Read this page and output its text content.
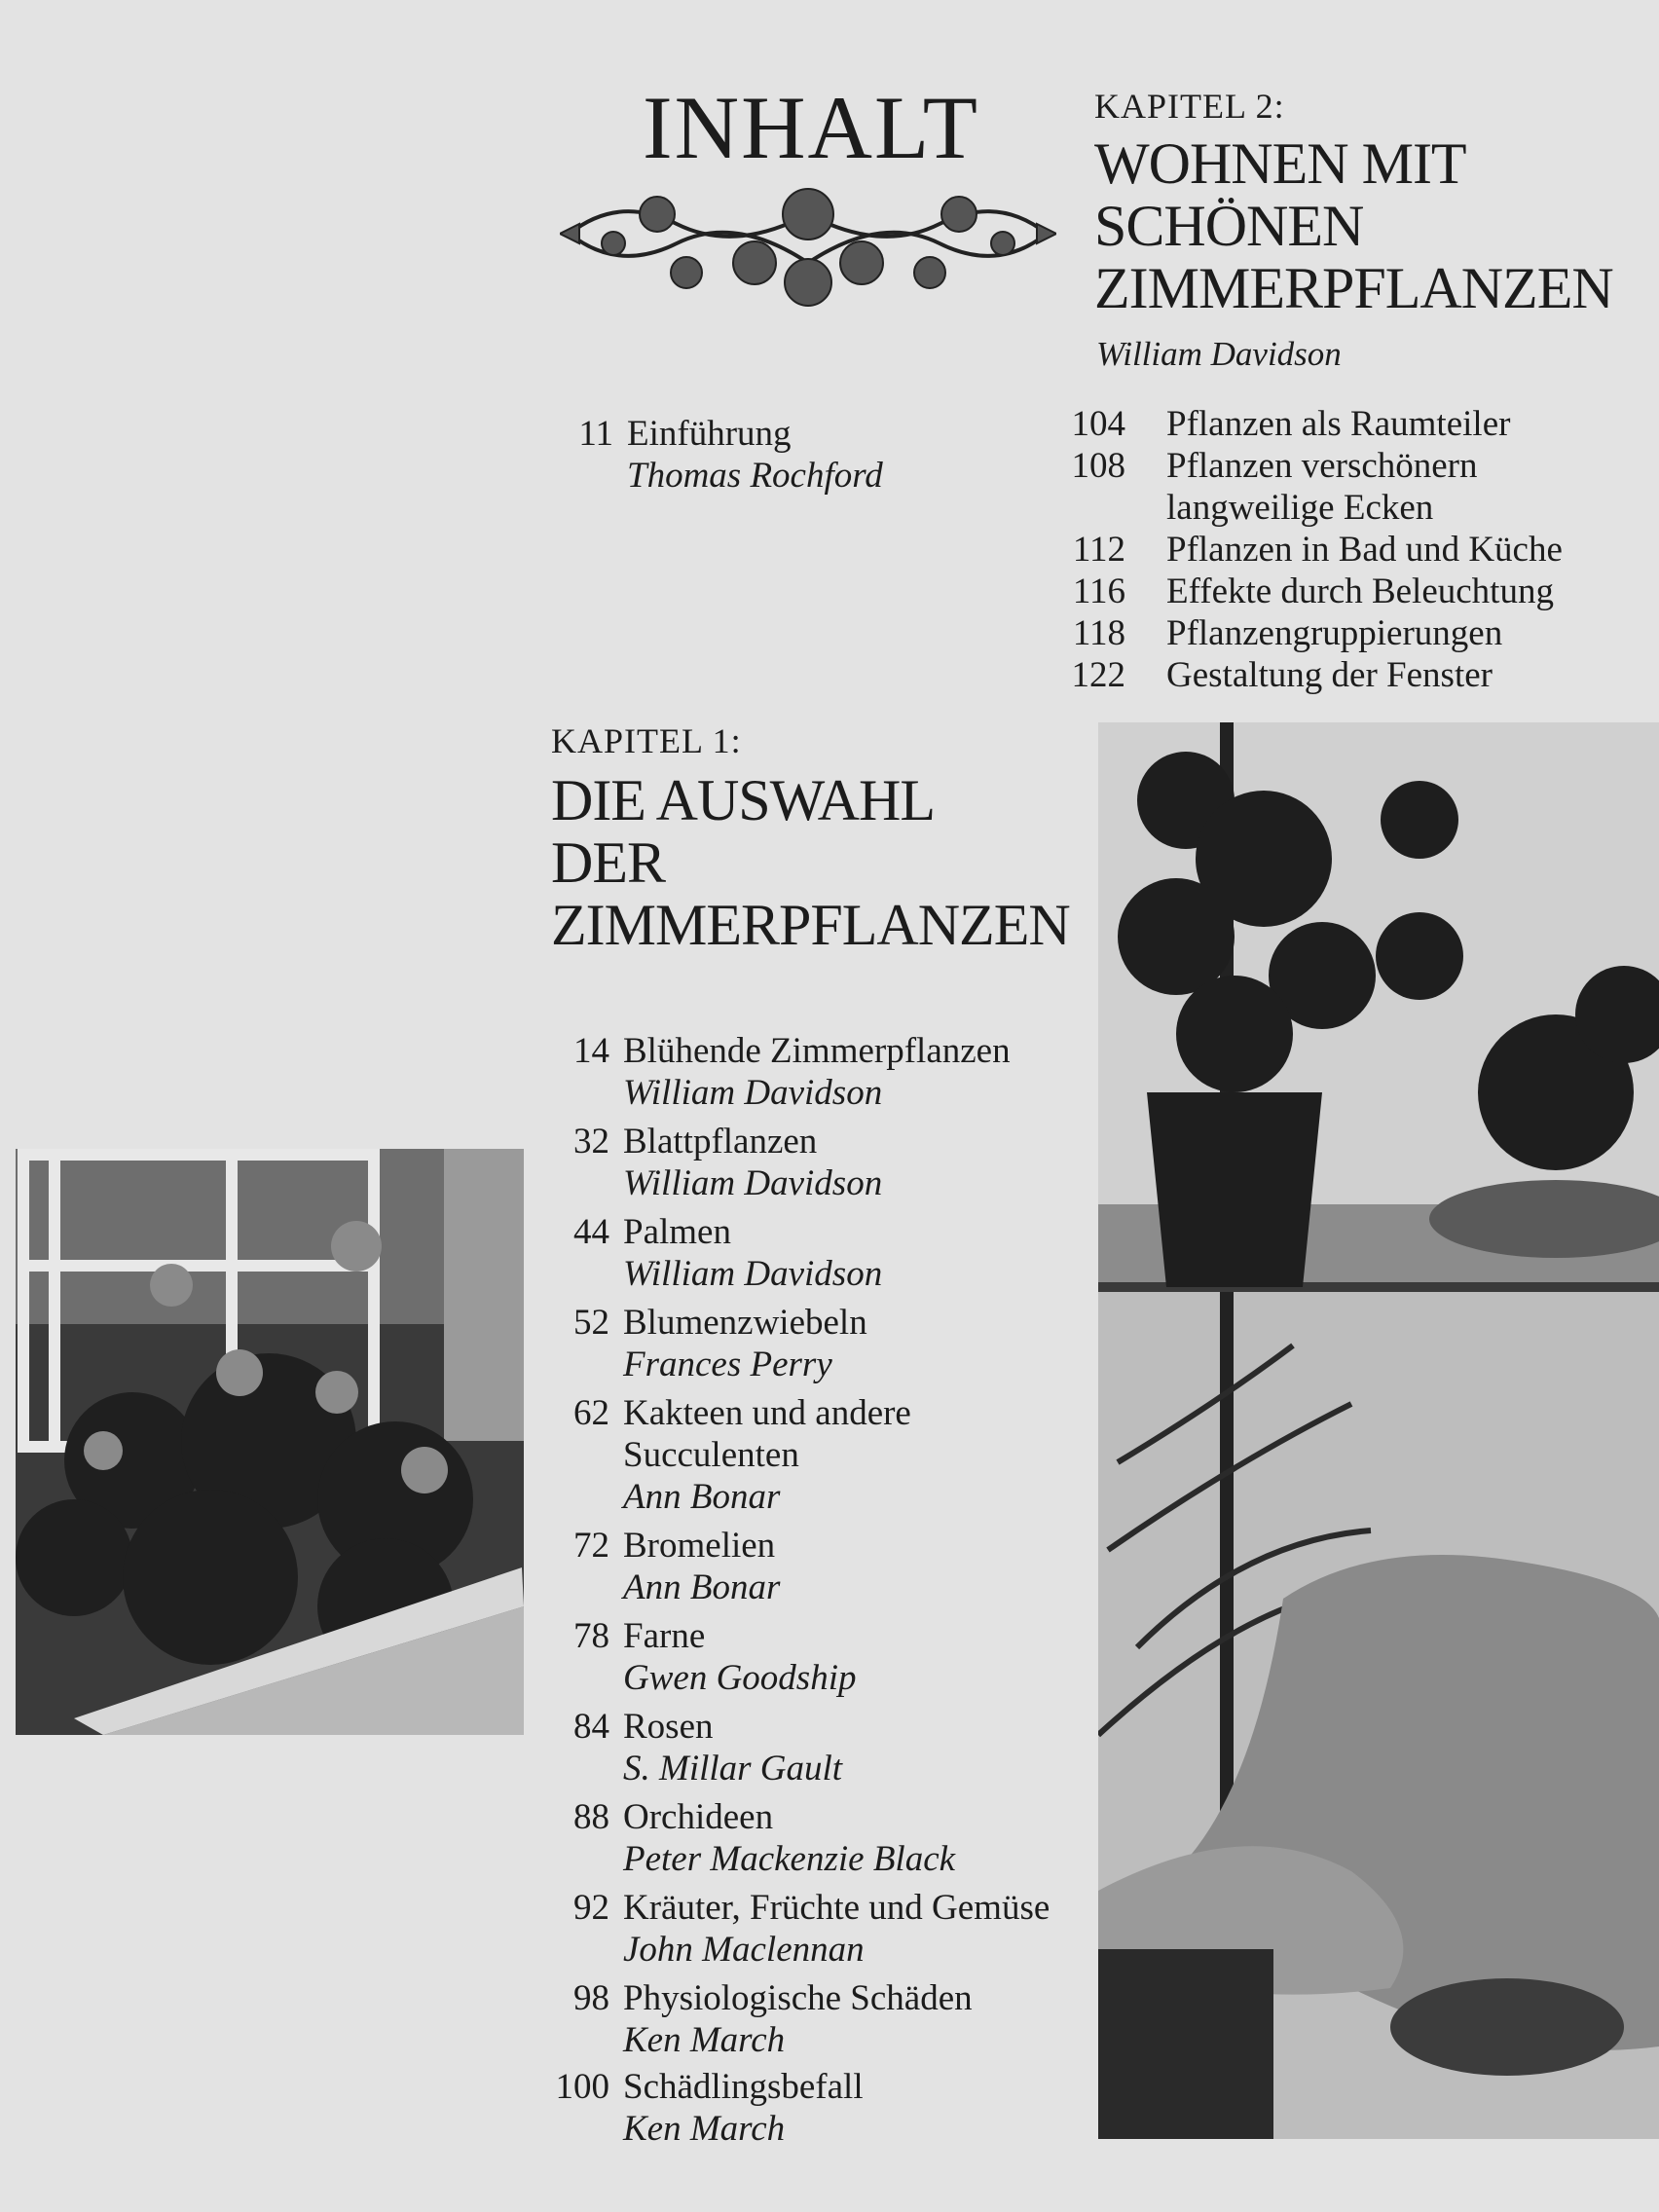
INHALT
11 Einführung
Thomas Rochford
KAPITEL 2:
WOHNEN MIT
SCHÖNEN
ZIMMERPFLANZEN
William Davidson
104 Pflanzen als Raumteiler
108 Pflanzen verschönern
langweilige Ecken
112 Pflanzen in Bad und Küche
116 Effekte durch Beleuchtung
118 Pflanzengruppierungen
122 Gestaltung der Fenster
KAPITEL 1:
DIE AUSWAHL
DER
ZIMMERPFLANZEN
14 Blühende Zimmerpflanzen
William Davidson
32 Blattpflanzen
William Davidson
44 Palmen
William Davidson
52 Blumenzwiebeln
Frances Perry
62 Kakteen und andere
Succulenten
Ann Bonar
72 Bromelien
Ann Bonar
78 Farne
Gwen Goodship
84 Rosen
S. Millar Gault
88 Orchideen
Peter Mackenzie Black
92 Kräuter, Früchte und Gemüse
John Maclennan
98 Physiologische Schäden
Ken March
100 Schädlingsbefall
Ken March
